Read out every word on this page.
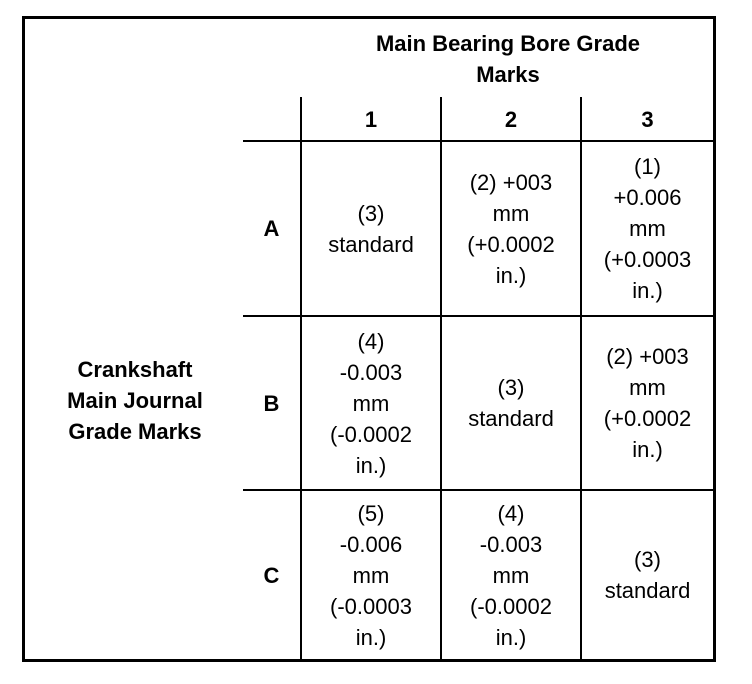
Main Bearing Bore Grade
Marks
Crankshaft
Main Journal
Grade Marks
1	2	3
A
B
C
(3)
standard
(2) +003
mm
(+0.0002
in.)
(1)
+0.006
mm
(+0.0003
in.)
(4)
-0.003
mm
(-0.0002
in.)
(3)
standard
(2) +003
mm
(+0.0002
in.)
(5)
-0.006
mm
(-0.0003
in.)
(4)
-0.003
mm
(-0.0002
in.)
(3)
standard
